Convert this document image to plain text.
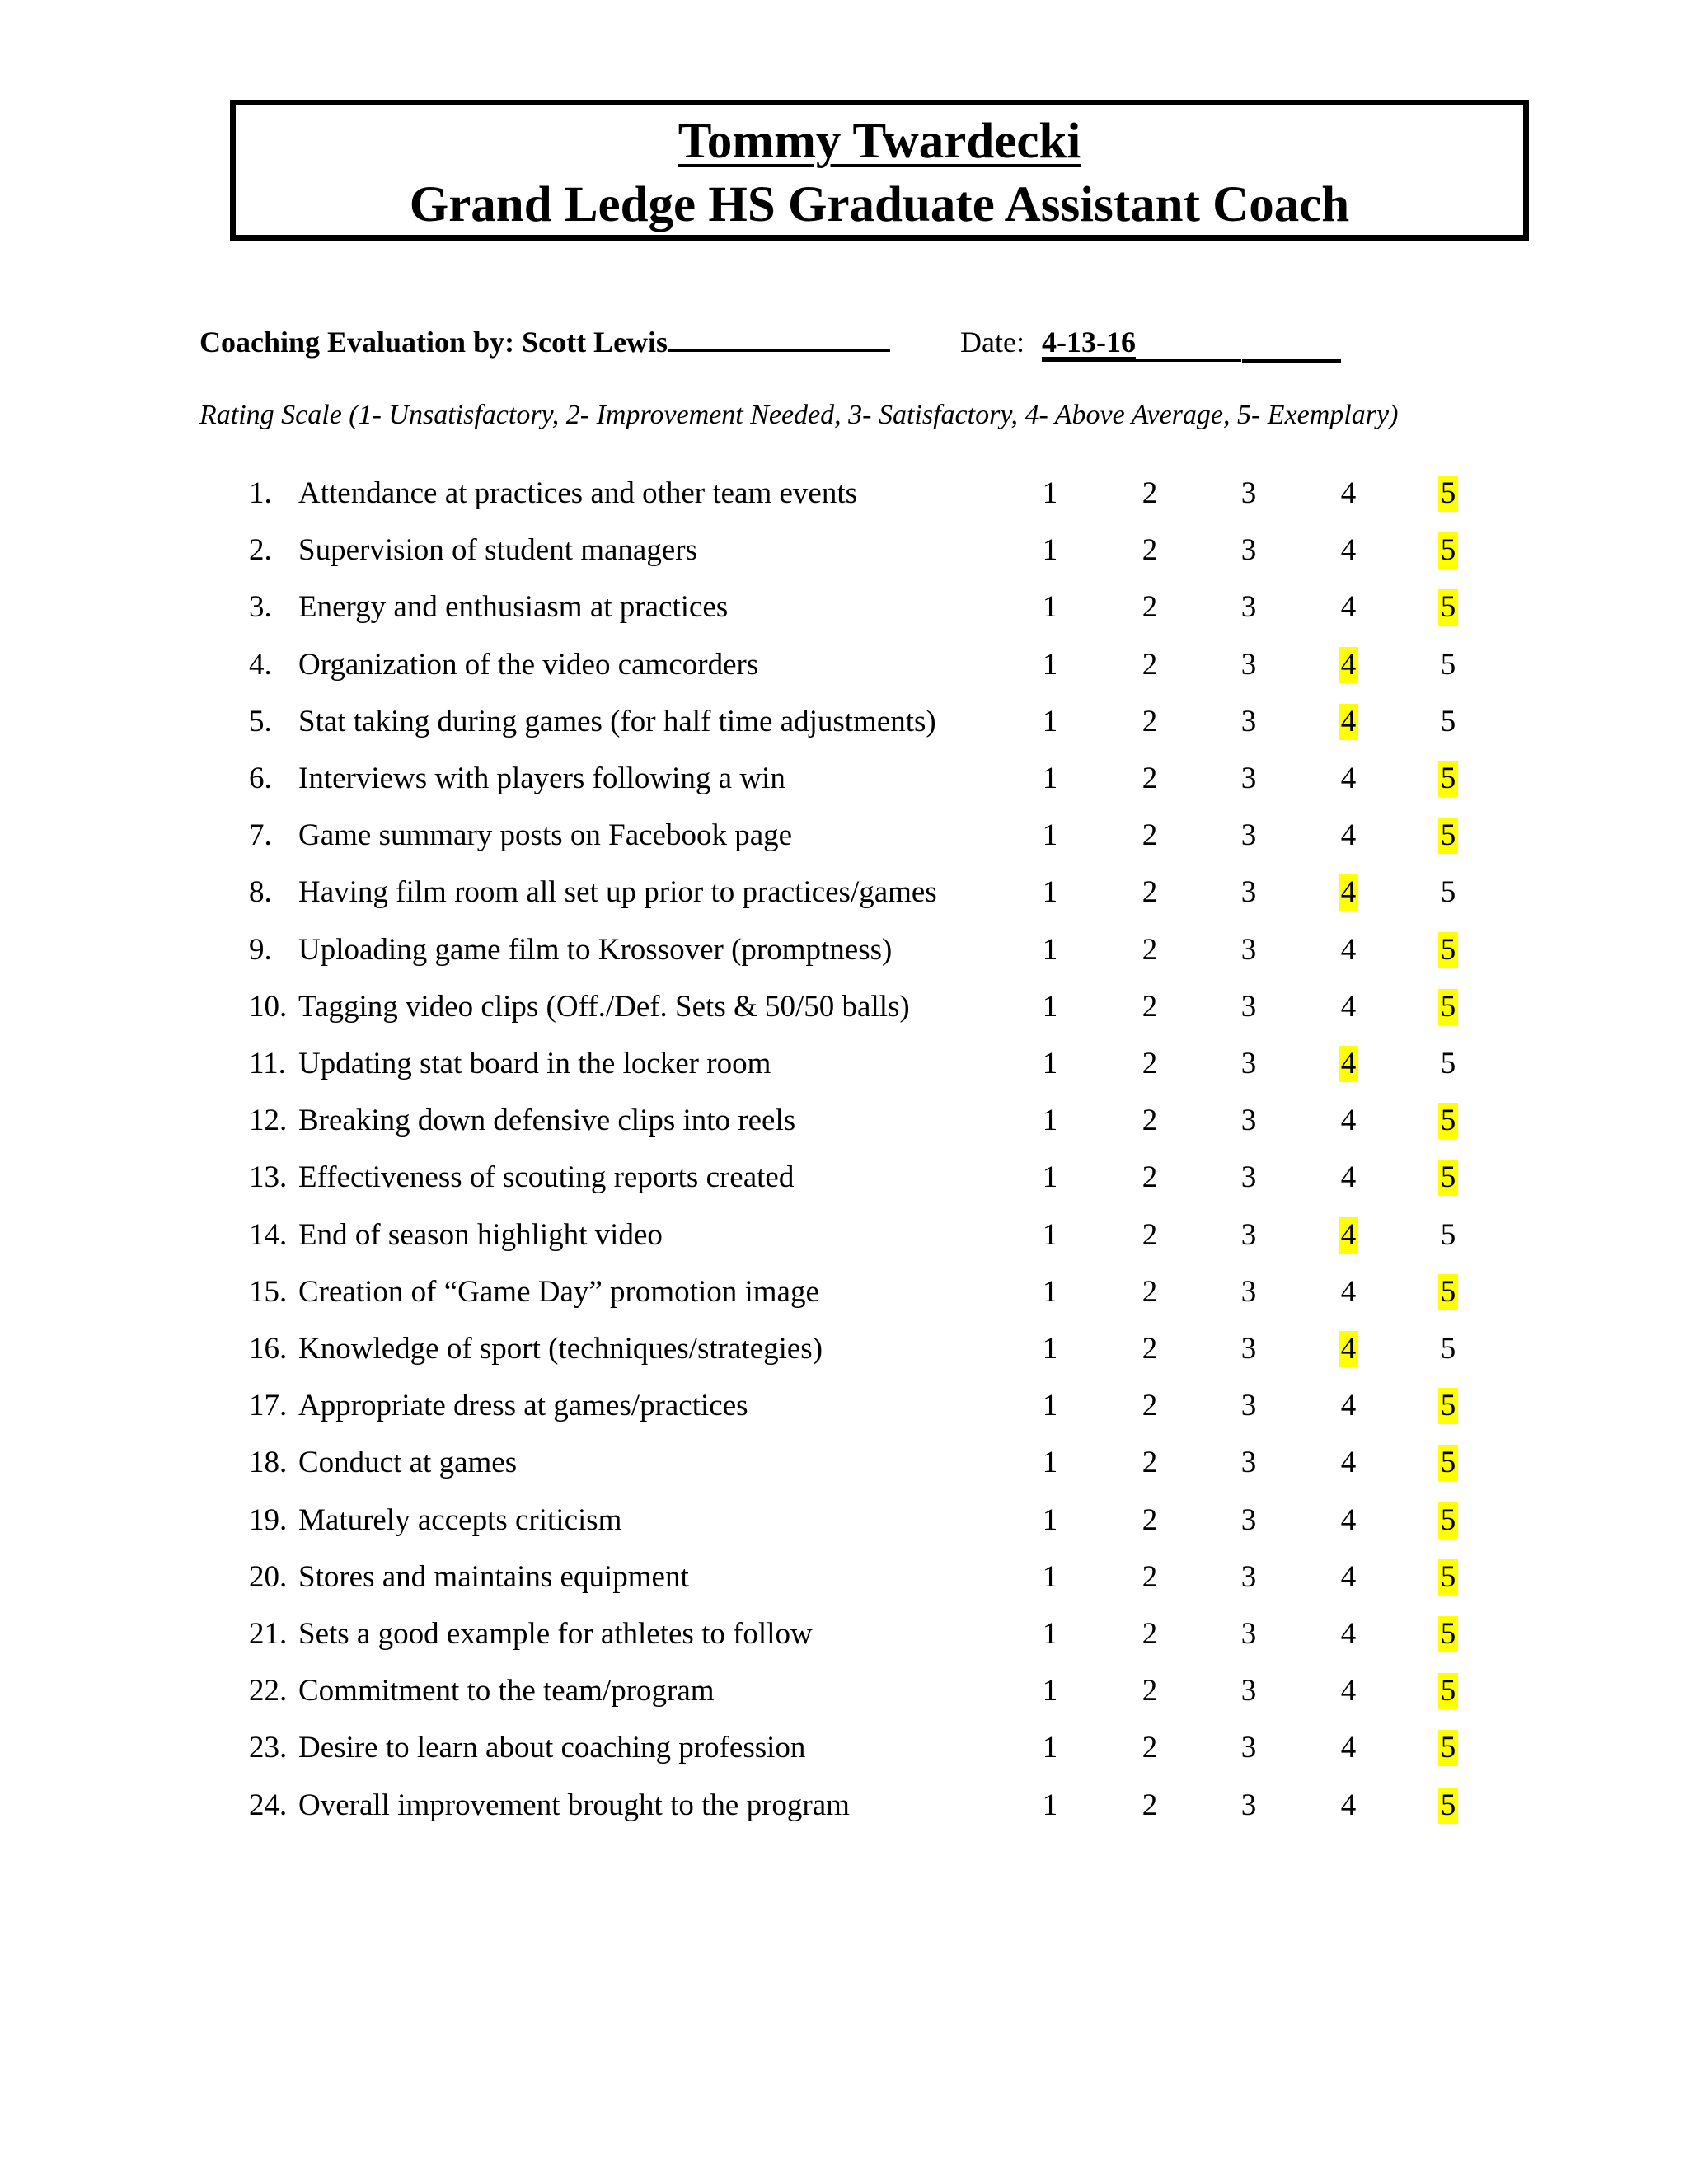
Tommy Twardecki
Grand Ledge HS Graduate Assistant Coach
Coaching Evaluation by: Scott Lewis	Date: 4-13-16
Rating Scale (1- Unsatisfactory, 2- Improvement Needed, 3- Satisfactory, 4- Above Average, 5- Exemplary)
1. Attendance at practices and other team events	1	2	3	4	5
2. Supervision of student managers	1	2	3	4	5
3. Energy and enthusiasm at practices	1	2	3	4	5
4. Organization of the video camcorders	1	2	3	4	5
5. Stat taking during games (for half time adjustments)	1	2	3	4	5
6. Interviews with players following a win	1	2	3	4	5
7. Game summary posts on Facebook page	1	2	3	4	5
8. Having film room all set up prior to practices/games	1	2	3	4	5
9. Uploading game film to Krossover (promptness)	1	2	3	4	5
10. Tagging video clips (Off./Def. Sets & 50/50 balls)	1	2	3	4	5
11. Updating stat board in the locker room	1	2	3	4	5
12. Breaking down defensive clips into reels	1	2	3	4	5
13. Effectiveness of scouting reports created	1	2	3	4	5
14. End of season highlight video	1	2	3	4	5
15. Creation of “Game Day” promotion image	1	2	3	4	5
16. Knowledge of sport (techniques/strategies)	1	2	3	4	5
17. Appropriate dress at games/practices	1	2	3	4	5
18. Conduct at games	1	2	3	4	5
19. Maturely accepts criticism	1	2	3	4	5
20. Stores and maintains equipment	1	2	3	4	5
21. Sets a good example for athletes to follow	1	2	3	4	5
22. Commitment to the team/program	1	2	3	4	5
23. Desire to learn about coaching profession	1	2	3	4	5
24. Overall improvement brought to the program	1	2	3	4	5
